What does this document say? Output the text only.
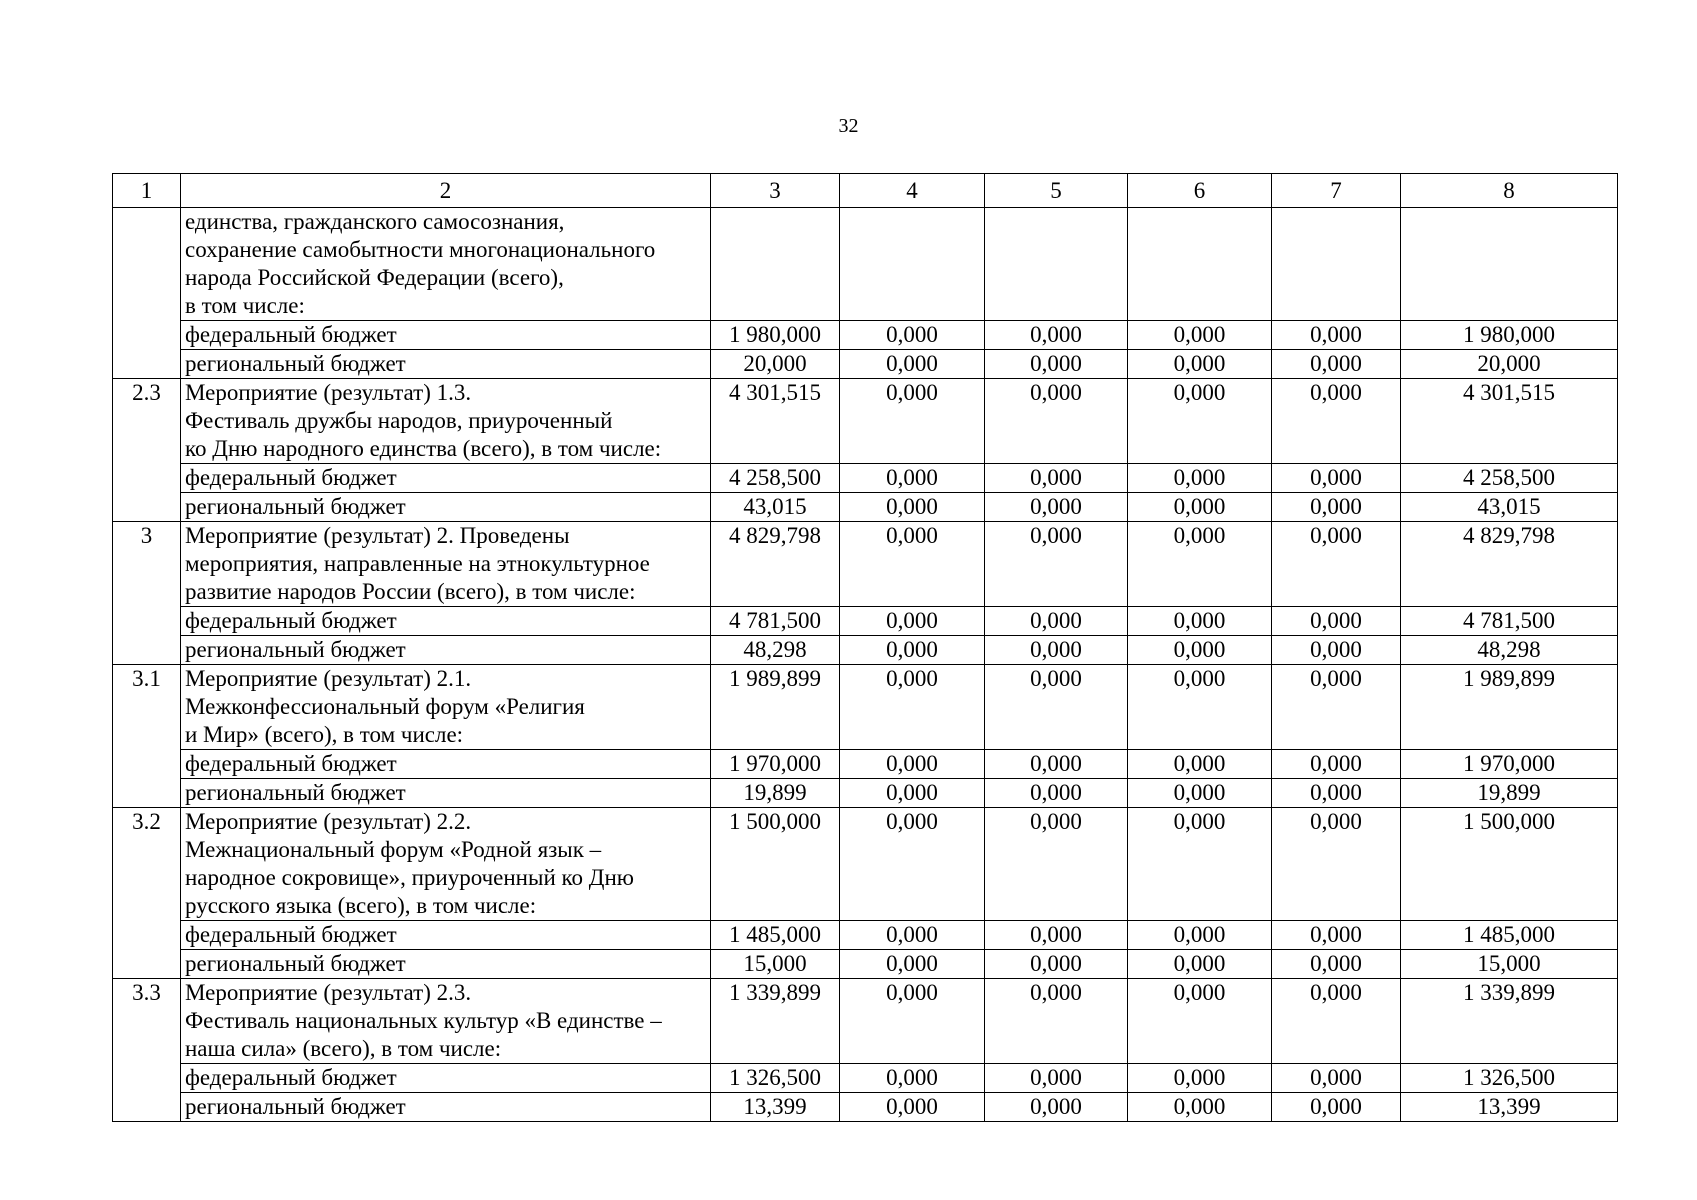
32
1	2	3	4	5	6	7	8

	единства, гражданского самосознания,
сохранение самобытности многонационального
народа Российской Федерации (всего),
в том числе:						

	федеральный бюджет	1 980,000	0,000	0,000	0,000	0,000	1 980,000

	региональный бюджет	20,000	0,000	0,000	0,000	0,000	20,000
2.3	Мероприятие (результат) 1.3.
Фестиваль дружбы народов, приуроченный
ко Дню народного единства (всего), в том числе:	4 301,515	0,000	0,000	0,000	0,000	4 301,515

	федеральный бюджет	4 258,500	0,000	0,000	0,000	0,000	4 258,500

	региональный бюджет	43,015	0,000	0,000	0,000	0,000	43,015
3	Мероприятие (результат) 2. Проведены
мероприятия, направленные на этнокультурное
развитие народов России (всего), в том числе:	4 829,798	0,000	0,000	0,000	0,000	4 829,798

	федеральный бюджет	4 781,500	0,000	0,000	0,000	0,000	4 781,500

	региональный бюджет	48,298	0,000	0,000	0,000	0,000	48,298
3.1	Мероприятие (результат) 2.1.
Межконфессиональный форум «Религия
и Мир» (всего), в том числе:	1 989,899	0,000	0,000	0,000	0,000	1 989,899

	федеральный бюджет	1 970,000	0,000	0,000	0,000	0,000	1 970,000

	региональный бюджет	19,899	0,000	0,000	0,000	0,000	19,899
3.2	Мероприятие (результат) 2.2.
Межнациональный форум «Родной язык –
народное сокровище», приуроченный ко Дню
русского языка (всего), в том числе:	1 500,000	0,000	0,000	0,000	0,000	1 500,000

	федеральный бюджет	1 485,000	0,000	0,000	0,000	0,000	1 485,000

	региональный бюджет	15,000	0,000	0,000	0,000	0,000	15,000
3.3	Мероприятие (результат) 2.3.
Фестиваль национальных культур «В единстве –
наша сила» (всего), в том числе:	1 339,899	0,000	0,000	0,000	0,000	1 339,899

	федеральный бюджет	1 326,500	0,000	0,000	0,000	0,000	1 326,500

	региональный бюджет	13,399	0,000	0,000	0,000	0,000	13,399
